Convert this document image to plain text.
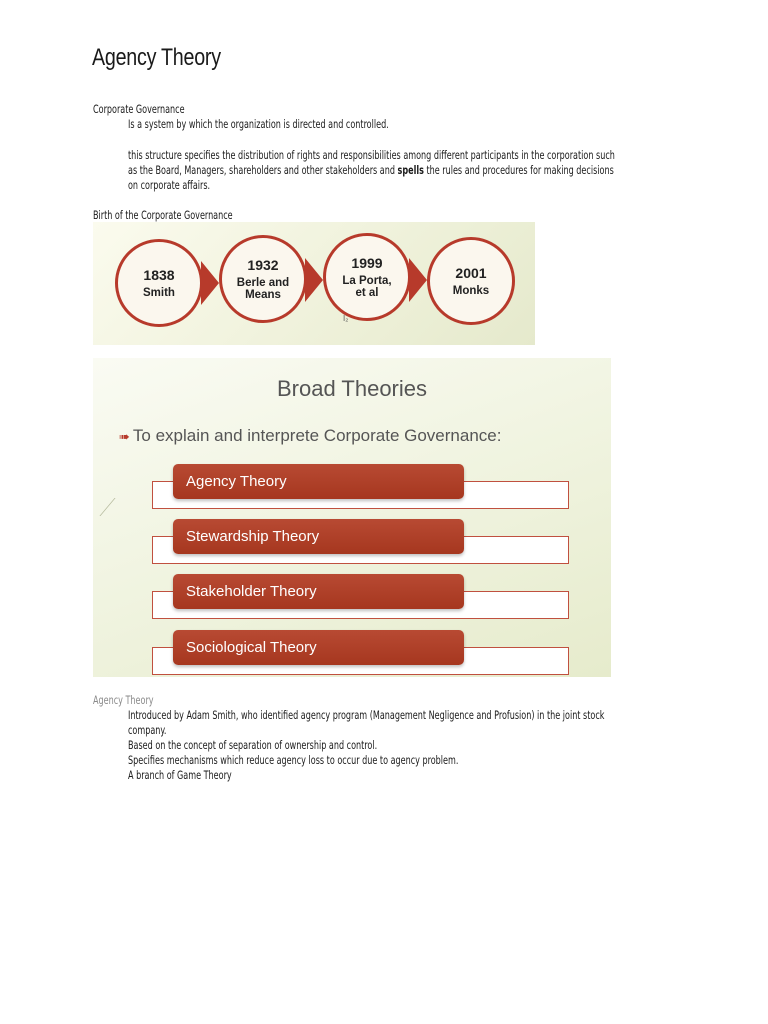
Agency Theory
Corporate Governance
Is a system by which the organization is directed and controlled.
this structure specifies the distribution of rights and responsibilities among different participants in the corporation such
as the Board, Managers, shareholders and other stakeholders and spells the rules and procedures for making decisions
on corporate affairs.
Birth of the Corporate Governance
1838
Smith
1932
Berle and Means
1999
La Porta, et al
2001
Monks
I₂
Broad Theories
➠ To explain and interprete Corporate Governance:
Agency Theory
Stewardship Theory
Stakeholder Theory
Sociological Theory
Agency Theory
Introduced by Adam Smith, who identified agency program (Management Negligence and Profusion) in the joint stock
company.
Based on the concept of separation of ownership and control.
Specifies mechanisms which reduce agency loss to occur due to agency problem.
A branch of Game Theory
